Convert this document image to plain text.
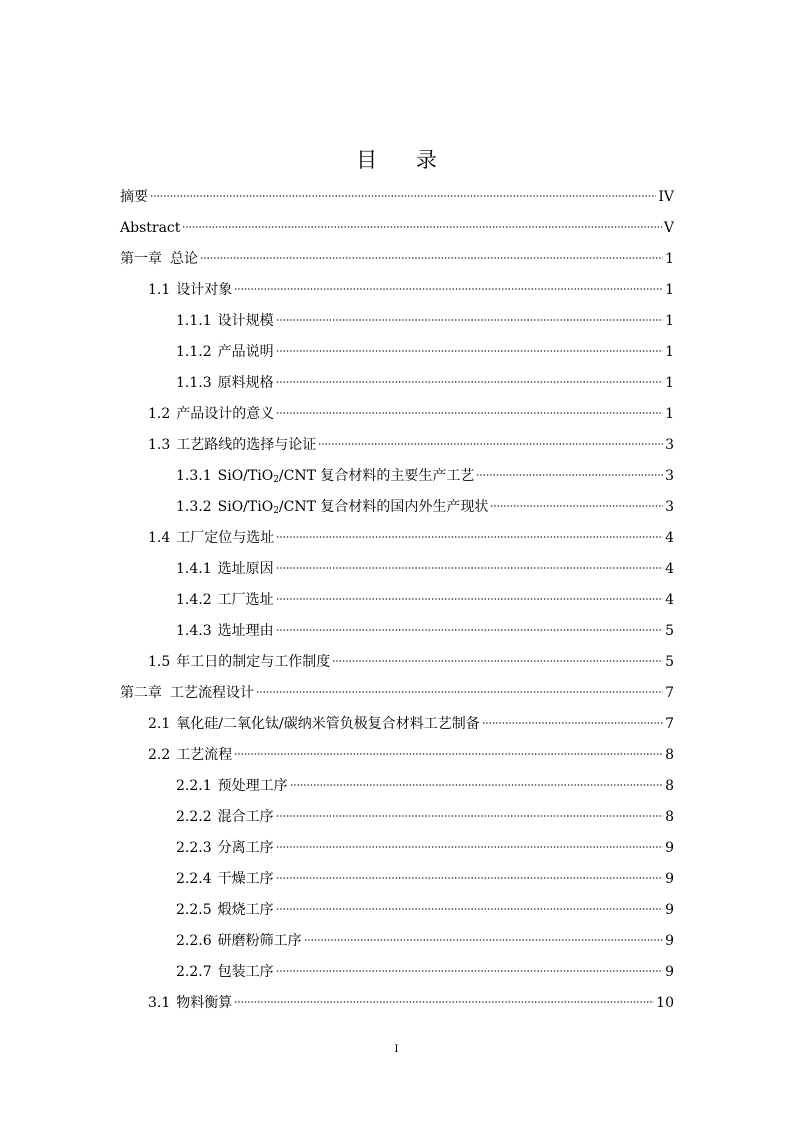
目 录
摘要	IV
Abstract	V
第一章 总论	1
1.1 设计对象	1
1.1.1 设计规模	1
1.1.2 产品说明	1
1.1.3 原料规格	1
1.2 产品设计的意义	1
1.3 工艺路线的选择与论证	3
1.3.1 SiO/TiO$_2$/CNT 复合材料的主要生产工艺	3
1.3.2 SiO/TiO$_2$/CNT 复合材料的国内外生产现状	3
1.4 工厂定位与选址	4
1.4.1 选址原因	4
1.4.2 工厂选址	4
1.4.3 选址理由	5
1.5 年工日的制定与工作制度	5
第二章 工艺流程设计	7
2.1 氧化硅/二氧化钛/碳纳米管负极复合材料工艺制备	7
2.2 工艺流程	8
2.2.1 预处理工序	8
2.2.2 混合工序	8
2.2.3 分离工序	9
2.2.4 干燥工序	9
2.2.5 煅烧工序	9
2.2.6 研磨粉筛工序	9
2.2.7 包装工序	9
3.1 物料衡算	10
I
